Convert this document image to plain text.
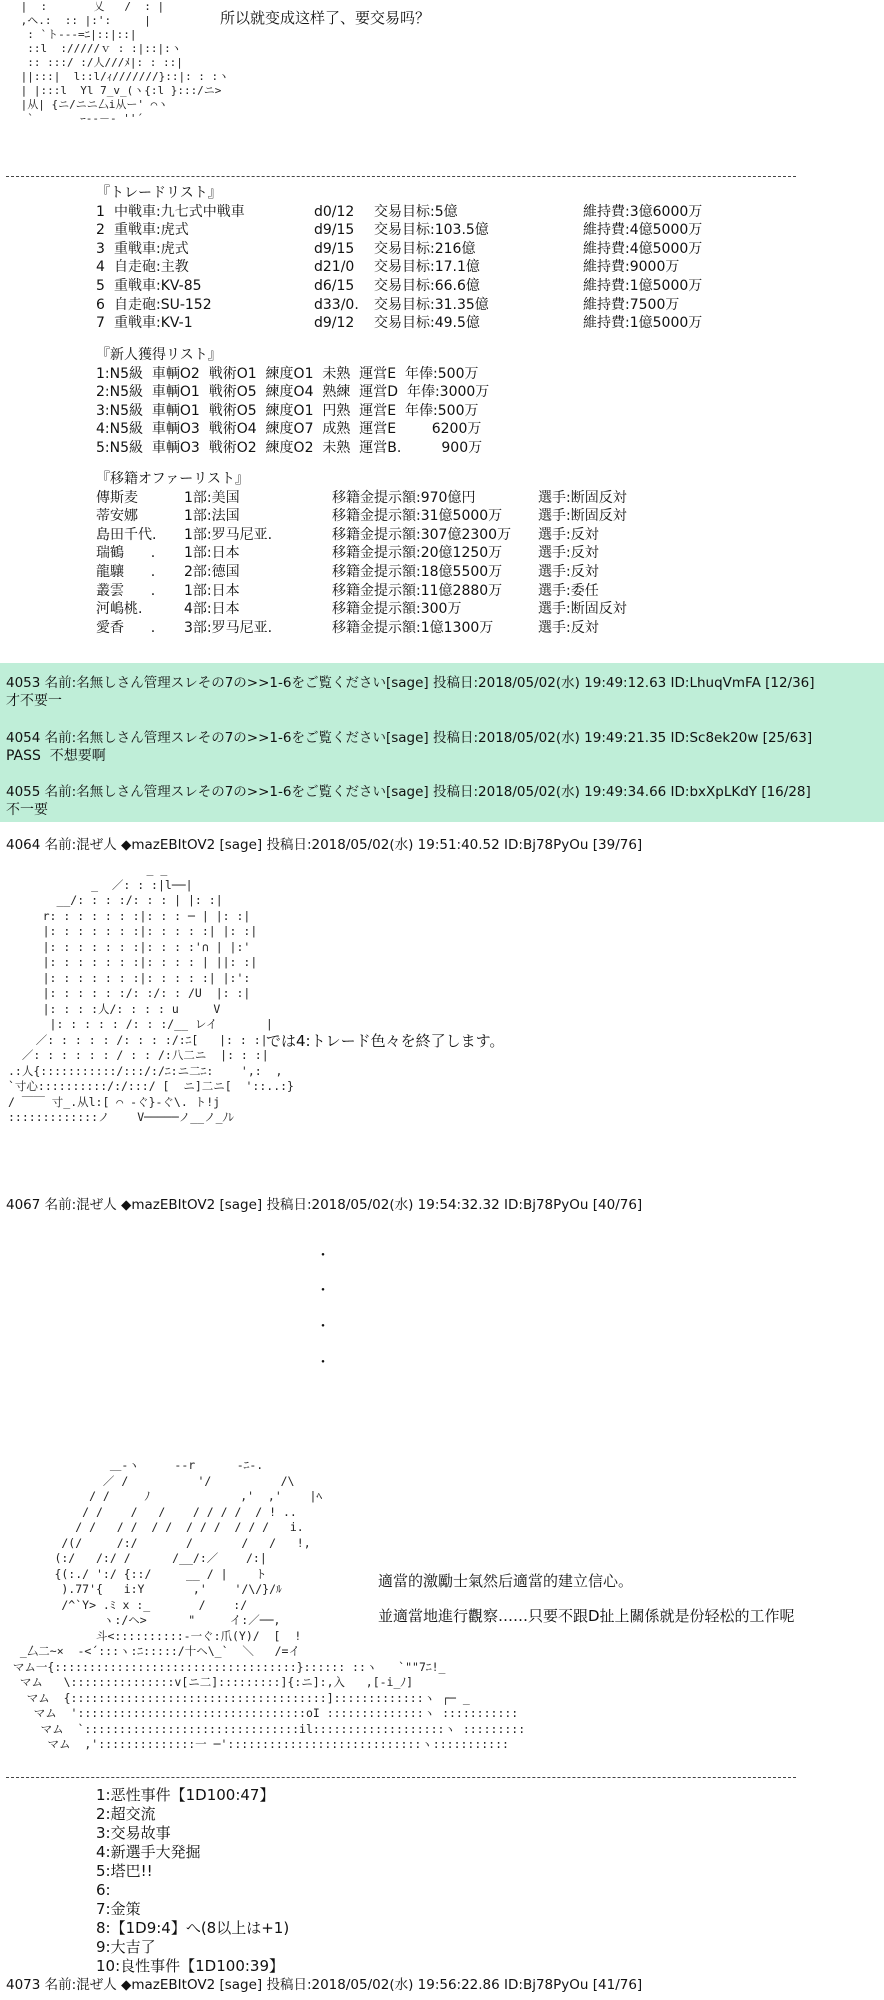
|  :       乂   /  : |
,ヘ.:  :: |:':     |
: `ト-‐‐=ﾆ|::|::|
::l  ://///ｖ : :|::|:ヽ
:: :::/ :/人///ﾒ|: : ::|
||:::|  l::l/ｨ///////}::|: : :ヽ
| |:::l  Yl 7_v_(ヽ{:l }:::/ニ>
|从| {ニ/ニニ厶i从ー' ⌒ヽ
`       ｰ‐‐－‐ ''´
所以就变成这样了、要交易吗？
『トレードリスト』
1 中戦車:九七式中戦車	d0/12	交易目标:5億	維持費:3億6000万
2 重戦車:虎式	d9/15	交易目标:103.5億	維持費:4億5000万
3 重戦車:虎式	d9/15	交易目标:216億	維持費:4億5000万
4 自走砲:主教	d21/0	交易目标:17.1億	維持費:9000万
5 重戦車:KV-85	d6/15	交易目标:66.6億	維持費:1億5000万
6 自走砲:SU-152	d33/0.	交易目标:31.35億	維持費:7500万
7 重戦車:KV-1	d9/12	交易目标:49.5億	維持費:1億5000万
『新人獲得リスト』
1:N5級  車輌O2  戦術O1  練度O1  未熟  運営E  年俸:500万
2:N5級  車輌O1  戦術O5  練度O4  熟練  運営D  年俸:3000万
3:N5級  車輌O1  戦術O5  練度O1  円熟  運営E  年俸:500万
4:N5級  車輌O3  戦術O4  練度O7  成熟  運営E        6200万
5:N5級  車輌O3  戦術O2  練度O2  未熟  運営B.         900万
『移籍オファーリスト』
傳斯麦	1部:美国	移籍金提示額:970億円	選手:断固反対
蒂安娜	1部:法国	移籍金提示額:31億5000万	選手:断固反対
島田千代.	1部:罗马尼亚.	移籍金提示額:307億2300万	選手:反対
瑞鶴      .	1部:日本	移籍金提示額:20億1250万	選手:反対
龍驤      .	2部:德国	移籍金提示額:18億5500万	選手:反対
叢雲      .	1部:日本	移籍金提示額:11億2880万	選手:委任
河嶋桃.	4部:日本	移籍金提示額:300万	選手:断固反対
愛香      .	3部:罗马尼亚.	移籍金提示額:1億1300万	選手:反対
4053 名前:名無しさん管理スレその7の>>1-6をご覧ください[sage] 投稿日:2018/05/02(水) 19:49:12.63 ID:LhuqVmFA [12/36]
才不要一
4054 名前:名無しさん管理スレその7の>>1-6をご覧ください[sage] 投稿日:2018/05/02(水) 19:49:21.35 ID:Sc8ek20w [25/63]
PASS  不想要啊
4055 名前:名無しさん管理スレその7の>>1-6をご覧ください[sage] 投稿日:2018/05/02(水) 19:49:34.66 ID:bxXpLKdY [16/28]
不一要
4064 名前:混ぜ人 ◆mazEBItOV2 [sage] 投稿日:2018/05/02(水) 19:51:40.52 ID:Bj78PyOu [39/76]
_ _
_  ／: : :|l──|
__/: : : :/: : : | |: :|
r: : : : : : :|: : : ─ | |: :|
|: : : : : : :|: : : : :| |: :|
|: : : : : : :|: : : :'∩ | |:'
|: : : : : : :|: : : : | ||: :|
|: : : : : : :|: : : : :| |:':
|: : : : : :/: :/: : /U  |: :|
|: : : :人/: : : : u     V
|: : : : : /: : :/__ レイ       |
／: : : : : /: : : :/:ﾆ[   |: : :|
／: : : : : : / : : /:八二ニ  |: : :|
.:人{:::::::::::/:::/:/ﾆ:ニ二ﾆ:    ',:  ,
`寸心::::::::::/:/:::/ [  ニ]二ニ[  '::..:}
/ ￣￣ 寸_.从l:[ ⌒ -ぐ}-ぐ\. ト!j
:::::::::::::ノ    V─────ノ__ノ_ﾉﾚ
では4:トレード色々を終了します。
4067 名前:混ぜ人 ◆mazEBItOV2 [sage] 投稿日:2018/05/02(水) 19:54:32.32 ID:Bj78PyOu [40/76]
・
・
・
・
＿-ヽ     --r      -ﾆ-.
／ /          '/          /\
/ /     ﾉ             ,'  ,'    |ﾍ
/ /    /   /    / / / /  / ! ..
/ /   / /  / /  / / /  / / /   i.
/(/     /:/       /       /   /   !,
(:/   /:/ /      /__/:／    /:|
{(:./ ':/ {::/     __ / |    ト
).77'{   i:Y       ,'    '/\/}/ﾙ
/^`Y> .ﾐ x :_       /    :/
ヽ:/ヘ>      "     イ:／──,
斗<::::::::::-一ぐ:爪(Y)/  [  !
_厶二~×  ‐<´:::ヽ:ﾆ:::::/十ヘ\_`  ＼   /=イ
マム一{:::::::::::::::::::::::::::::::::::}:::::: ::ヽ   `""7ﾆ!_
マム   \:::::::::::::::v[ニ二]:::::::::]{:ニ]:,入   ,[-i_ﾉ]
マム  {:::::::::::::::::::::::::::::::::::::]:::::::::::::ヽ ┌─ _
マム  ':::::::::::::::::::::::::::::::::oI ::::::::::::::ヽ :::::::::::
マム  `:::::::::::::::::::::::::::::::il:::::::::::::::::::ヽ :::::::::
マム  ,'::::::::::::::一 ─'::::::::::::::::::::::::::::ヽ:::::::::::
適當的激勵士氣然后適當的建立信心。
並適當地進行觀察……只要不跟D扯上關係就是份轻松的工作呢
1:恶性事件【1D100:47】
2:超交流
3:交易故事
4:新選手大発掘
5:塔巴!!
6:
7:金策
8:【1D9:4】へ(8以上は+1)
9:大吉了
10:良性事件【1D100:39】
4073 名前:混ぜ人 ◆mazEBItOV2 [sage] 投稿日:2018/05/02(水) 19:56:22.86 ID:Bj78PyOu [41/76]
